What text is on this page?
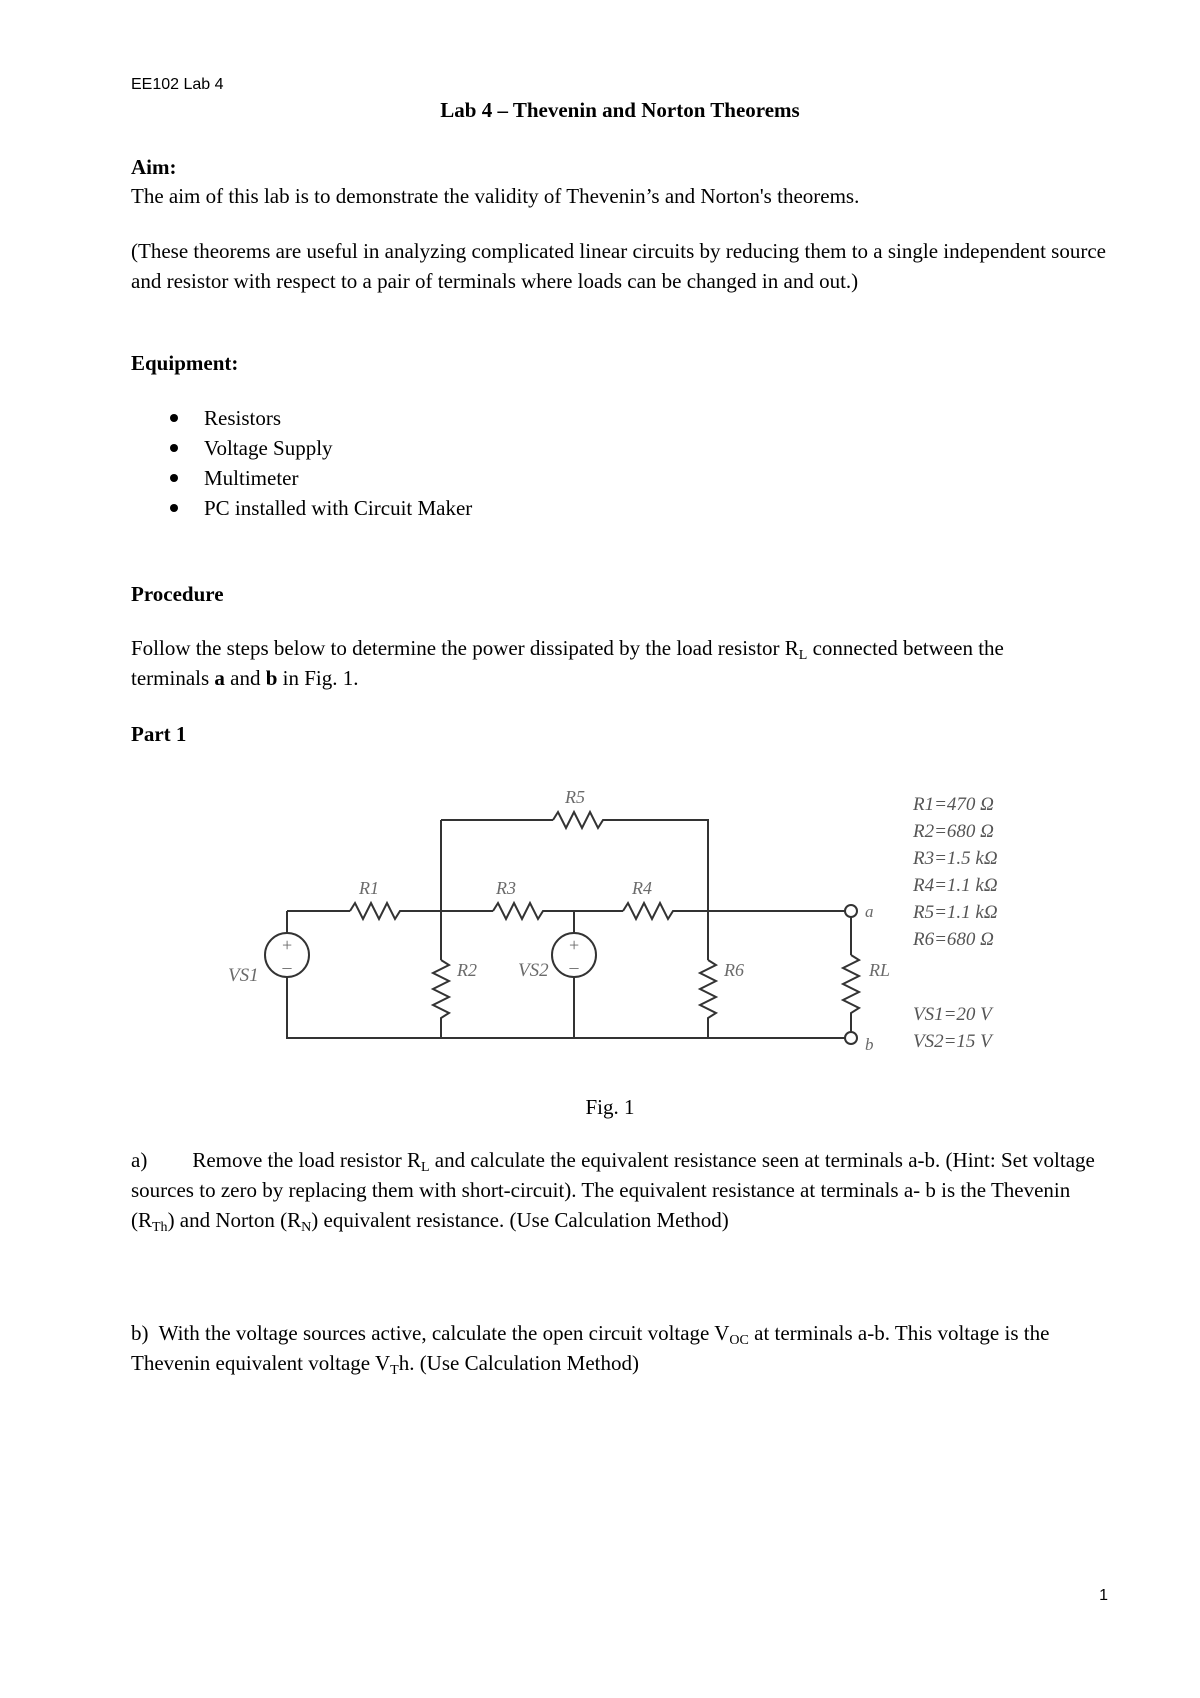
EE102 Lab 4
Lab 4 – Thevenin and Norton Theorems
Aim:
The aim of this lab is to demonstrate the validity of Thevenin’s and Norton's theorems.
(These theorems are useful in analyzing complicated linear circuits by reducing them to a single independent source and resistor with respect to a pair of terminals where loads can be changed in and out.)
Equipment:
Resistors
Voltage Supply
Multimeter
PC installed with Circuit Maker
Procedure
Follow the steps below to determine the power dissipated by the load resistor $R_L$ connected between the terminals a and b in Fig. 1.
Part 1
+
–
+
–
R1
R2
R3	R4
R5
R6	RL
VS1	VS2
a
b
R1=470 Ω
R2=680 Ω
R3=1.5 kΩ
R4=1.1 kΩ
R5=1.1 kΩ
R6=680 Ω
VS1=20 V
VS2=15 V
Fig. 1
a) Remove the load resistor $R_L$ and calculate the equivalent resistance seen at terminals a-b. (Hint: Set voltage sources to zero by replacing them with short-circuit). The equivalent resistance at terminals a- b is the Thevenin $(R_{Th})$ and Norton $(R_N)$ equivalent resistance. (Use Calculation Method)
b)  With the voltage sources active, calculate the open circuit voltage $V_{OC}$ at terminals a-b. This voltage is the Thevenin equivalent voltage $V_Th$. (Use Calculation Method)
1
